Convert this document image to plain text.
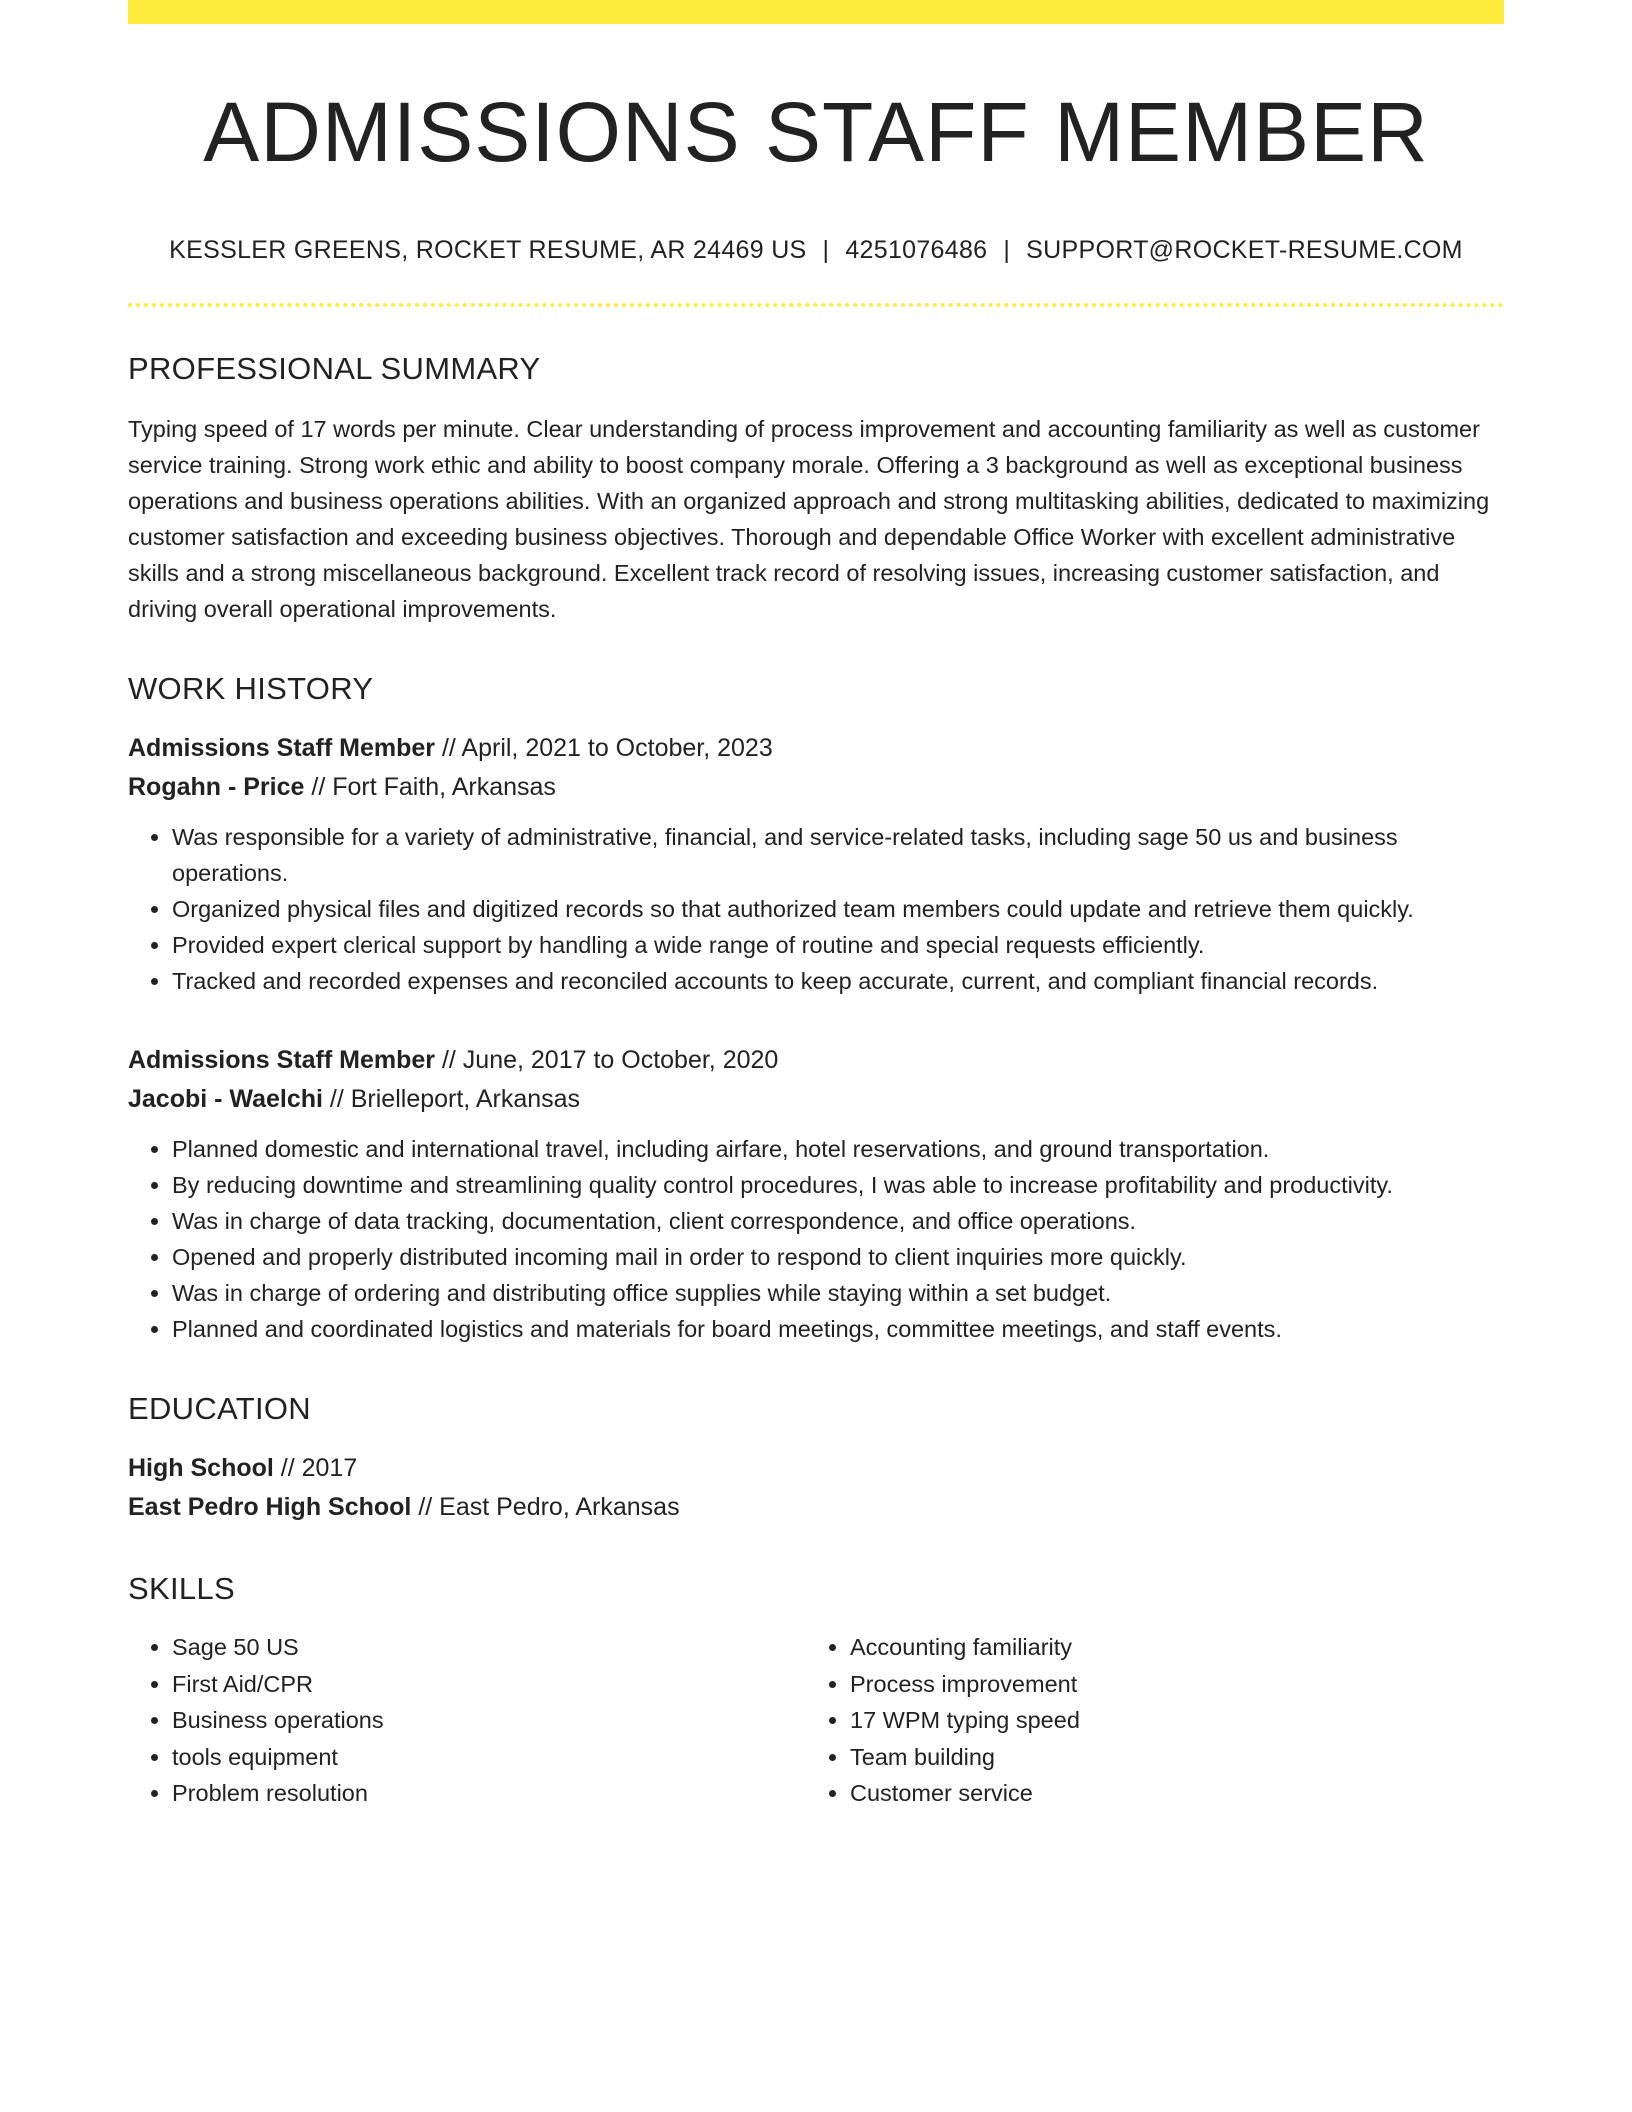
ADMISSIONS STAFF MEMBER
KESSLER GREENS, ROCKET RESUME, AR 24469 US | 4251076486 | SUPPORT@ROCKET-RESUME.COM
PROFESSIONAL SUMMARY
Typing speed of 17 words per minute. Clear understanding of process improvement and accounting familiarity as well as customer service training. Strong work ethic and ability to boost company morale. Offering a 3 background as well as exceptional business operations and business operations abilities. With an organized approach and strong multitasking abilities, dedicated to maximizing customer satisfaction and exceeding business objectives. Thorough and dependable Office Worker with excellent administrative skills and a strong miscellaneous background. Excellent track record of resolving issues, increasing customer satisfaction, and driving overall operational improvements.
WORK HISTORY
Admissions Staff Member // April, 2021 to October, 2023
Rogahn - Price // Fort Faith, Arkansas
• Was responsible for a variety of administrative, financial, and service-related tasks, including sage 50 us and business operations.
• Organized physical files and digitized records so that authorized team members could update and retrieve them quickly.
• Provided expert clerical support by handling a wide range of routine and special requests efficiently.
• Tracked and recorded expenses and reconciled accounts to keep accurate, current, and compliant financial records.
Admissions Staff Member // June, 2017 to October, 2020
Jacobi - Waelchi // Brielleport, Arkansas
• Planned domestic and international travel, including airfare, hotel reservations, and ground transportation.
• By reducing downtime and streamlining quality control procedures, I was able to increase profitability and productivity.
• Was in charge of data tracking, documentation, client correspondence, and office operations.
• Opened and properly distributed incoming mail in order to respond to client inquiries more quickly.
• Was in charge of ordering and distributing office supplies while staying within a set budget.
• Planned and coordinated logistics and materials for board meetings, committee meetings, and staff events.
EDUCATION
High School // 2017
East Pedro High School // East Pedro, Arkansas
SKILLS
• Sage 50 US
• First Aid/CPR
• Business operations
• tools equipment
• Problem resolution
• Accounting familiarity
• Process improvement
• 17 WPM typing speed
• Team building
• Customer service
